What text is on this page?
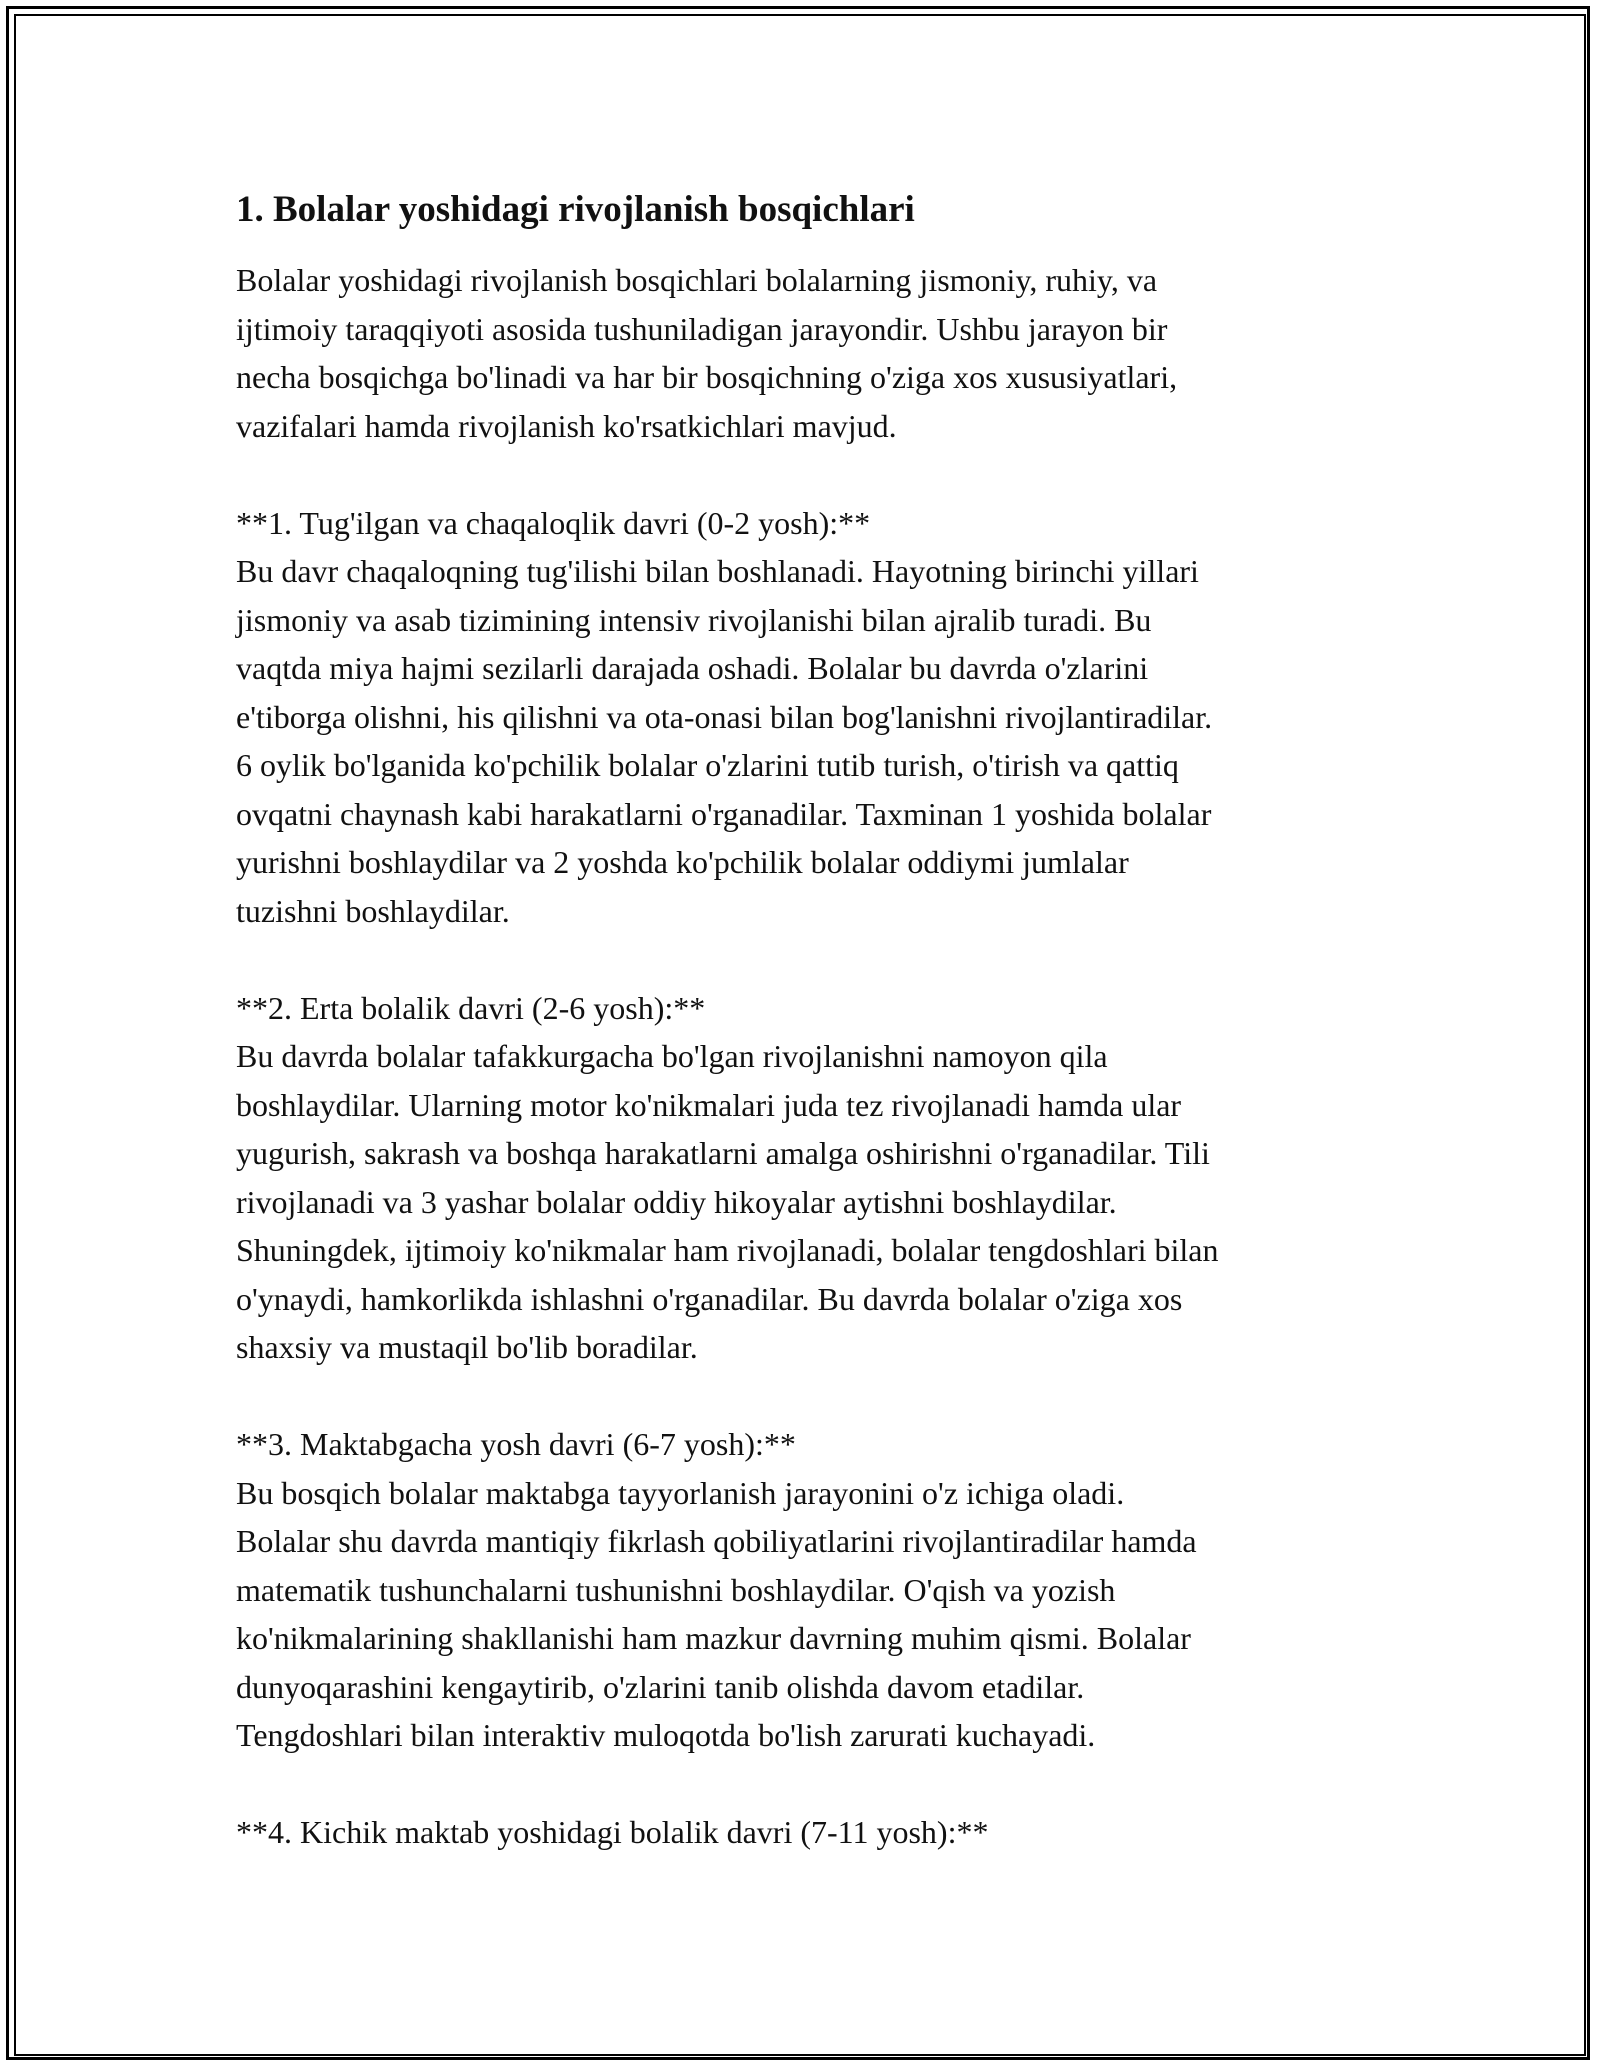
1. Bolalar yoshidagi rivojlanish bosqichlari

Bolalar yoshidagi rivojlanish bosqichlari bolalarning jismoniy, ruhiy, va
ijtimoiy taraqqiyoti asosida tushuniladigan jarayondir. Ushbu jarayon bir
necha bosqichga bo'linadi va har bir bosqichning o'ziga xos xususiyatlari,
vazifalari hamda rivojlanish ko'rsatkichlari mavjud.

**1. Tug'ilgan va chaqaloqlik davri (0-2 yosh):**

Bu davr chaqaloqning tug'ilishi bilan boshlanadi. Hayotning birinchi yillari
jismoniy va asab tizimining intensiv rivojlanishi bilan ajralib turadi. Bu
vaqtda miya hajmi sezilarli darajada oshadi. Bolalar bu davrda o'zlarini
e'tiborga olishni, his qilishni va ota-onasi bilan bog'lanishni rivojlantiradilar.
6 oylik bo'lganida ko'pchilik bolalar o'zlarini tutib turish, o'tirish va qattiq
ovqatni chaynash kabi harakatlarni o'rganadilar. Taxminan 1 yoshida bolalar
yurishni boshlaydilar va 2 yoshda ko'pchilik bolalar oddiymi jumlalar
tuzishni boshlaydilar.

**2. Erta bolalik davri (2-6 yosh):**

Bu davrda bolalar tafakkurgacha bo'lgan rivojlanishni namoyon qila
boshlaydilar. Ularning motor ko'nikmalari juda tez rivojlanadi hamda ular
yugurish, sakrash va boshqa harakatlarni amalga oshirishni o'rganadilar. Tili
rivojlanadi va 3 yashar bolalar oddiy hikoyalar aytishni boshlaydilar.
Shuningdek, ijtimoiy ko'nikmalar ham rivojlanadi, bolalar tengdoshlari bilan
o'ynaydi, hamkorlikda ishlashni o'rganadilar. Bu davrda bolalar o'ziga xos
shaxsiy va mustaqil bo'lib boradilar.

**3. Maktabgacha yosh davri (6-7 yosh):**

Bu bosqich bolalar maktabga tayyorlanish jarayonini o'z ichiga oladi.
Bolalar shu davrda mantiqiy fikrlash qobiliyatlarini rivojlantiradilar hamda
matematik tushunchalarni tushunishni boshlaydilar. O'qish va yozish
ko'nikmalarining shakllanishi ham mazkur davrning muhim qismi. Bolalar
dunyoqarashini kengaytirib, o'zlarini tanib olishda davom etadilar.
Tengdoshlari bilan interaktiv muloqotda bo'lish zarurati kuchayadi.

**4. Kichik maktab yoshidagi bolalik davri (7-11 yosh):**
